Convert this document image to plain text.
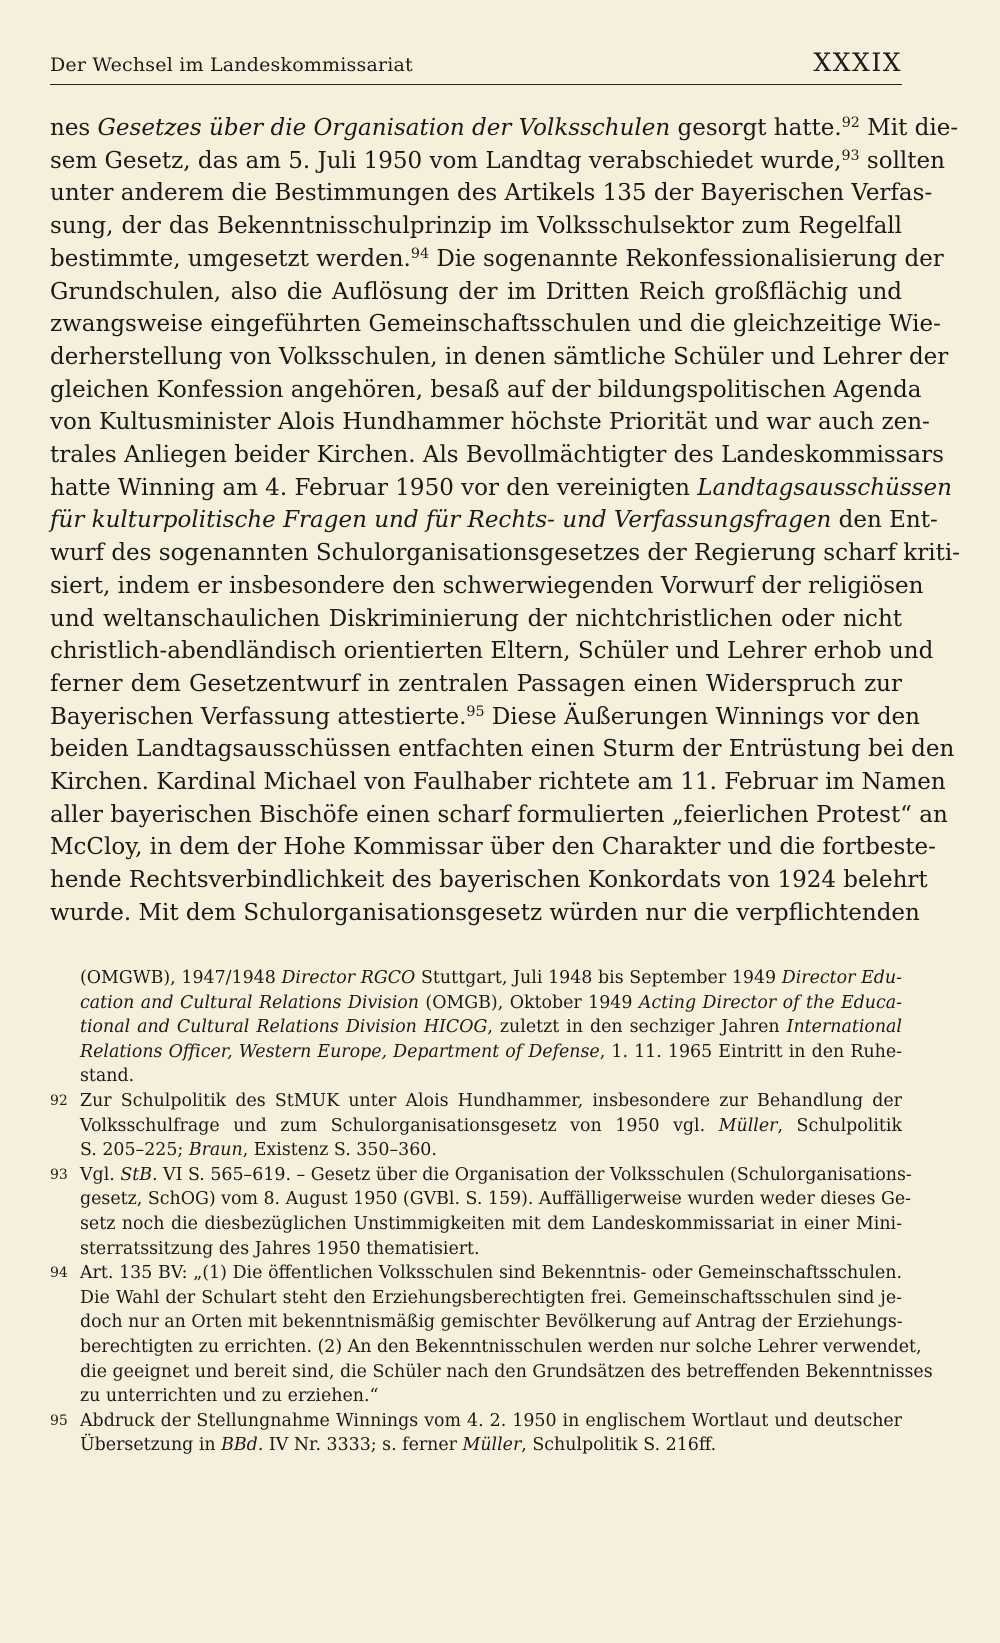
Der Wechsel im Landeskommissariat	XXXIX
nes Gesetzes über die Organisation der Volksschulen gesorgt hatte.$^{92}$ Mit die-
sem Gesetz, das am 5. Juli 1950 vom Landtag verabschiedet wurde,$^{93}$ sollten
unter anderem die Bestimmungen des Artikels 135 der Bayerischen Verfas-
sung, der das Bekenntnisschulprinzip im Volksschulsektor zum Regelfall
bestimmte, umgesetzt werden.$^{94}$ Die sogenannte Rekonfessionalisierung der
Grundschulen, also die Auflösung der im Dritten Reich großflächig und
zwangsweise eingeführten Gemeinschaftsschulen und die gleichzeitige Wie-
derherstellung von Volksschulen, in denen sämtliche Schüler und Lehrer der
gleichen Konfession angehören, besaß auf der bildungspolitischen Agenda
von Kultusminister Alois Hundhammer höchste Priorität und war auch zen-
trales Anliegen beider Kirchen. Als Bevollmächtigter des Landeskommissars
hatte Winning am 4. Februar 1950 vor den vereinigten Landtagsausschüssen
für kulturpolitische Fragen und für Rechts- und Verfassungsfragen den Ent-
wurf des sogenannten Schulorganisationsgesetzes der Regierung scharf kriti-
siert, indem er insbesondere den schwerwiegenden Vorwurf der religiösen
und weltanschaulichen Diskriminierung der nichtchristlichen oder nicht
christlich-abendländisch orientierten Eltern, Schüler und Lehrer erhob und
ferner dem Gesetzentwurf in zentralen Passagen einen Widerspruch zur
Bayerischen Verfassung attestierte.$^{95}$ Diese Äußerungen Winnings vor den
beiden Landtagsausschüssen entfachten einen Sturm der Entrüstung bei den
Kirchen. Kardinal Michael von Faulhaber richtete am 11. Februar im Namen
aller bayerischen Bischöfe einen scharf formulierten „feierlichen Protest“ an
McCloy, in dem der Hohe Kommissar über den Charakter und die fortbeste-
hende Rechtsverbindlichkeit des bayerischen Konkordats von 1924 belehrt
wurde. Mit dem Schulorganisationsgesetz würden nur die verpflichtenden
(OMGWB), 1947/1948 Director RGCO Stuttgart, Juli 1948 bis September 1949 Director Edu-
cation and Cultural Relations Division (OMGB), Oktober 1949 Acting Director of the Educa-
tional and Cultural Relations Division HICOG, zuletzt in den sechziger Jahren International
Relations Officer, Western Europe, Department of Defense, 1. 11. 1965 Eintritt in den Ruhe-
stand.
92 Zur Schulpolitik des StMUK unter Alois Hundhammer, insbesondere zur Behandlung der
Volksschulfrage und zum Schulorganisationsgesetz von 1950 vgl. Müller, Schulpolitik
S. 205–225; Braun, Existenz S. 350–360.
93 Vgl. StB. VI S. 565–619. – Gesetz über die Organisation der Volksschulen (Schulorganisations-
gesetz, SchOG) vom 8. August 1950 (GVBl. S. 159). Auffälligerweise wurden weder dieses Ge-
setz noch die diesbezüglichen Unstimmigkeiten mit dem Landeskommissariat in einer Mini-
sterratssitzung des Jahres 1950 thematisiert.
94 Art. 135 BV: „(1) Die öffentlichen Volksschulen sind Bekenntnis- oder Gemeinschaftsschulen.
Die Wahl der Schulart steht den Erziehungsberechtigten frei. Gemeinschaftsschulen sind je-
doch nur an Orten mit bekenntnismäßig gemischter Bevölkerung auf Antrag der Erziehungs-
berechtigten zu errichten. (2) An den Bekenntnisschulen werden nur solche Lehrer verwendet,
die geeignet und bereit sind, die Schüler nach den Grundsätzen des betreffenden Bekenntnisses
zu unterrichten und zu erziehen.“
95 Abdruck der Stellungnahme Winnings vom 4. 2. 1950 in englischem Wortlaut und deutscher
Übersetzung in BBd. IV Nr. 3333; s. ferner Müller, Schulpolitik S. 216ff.
